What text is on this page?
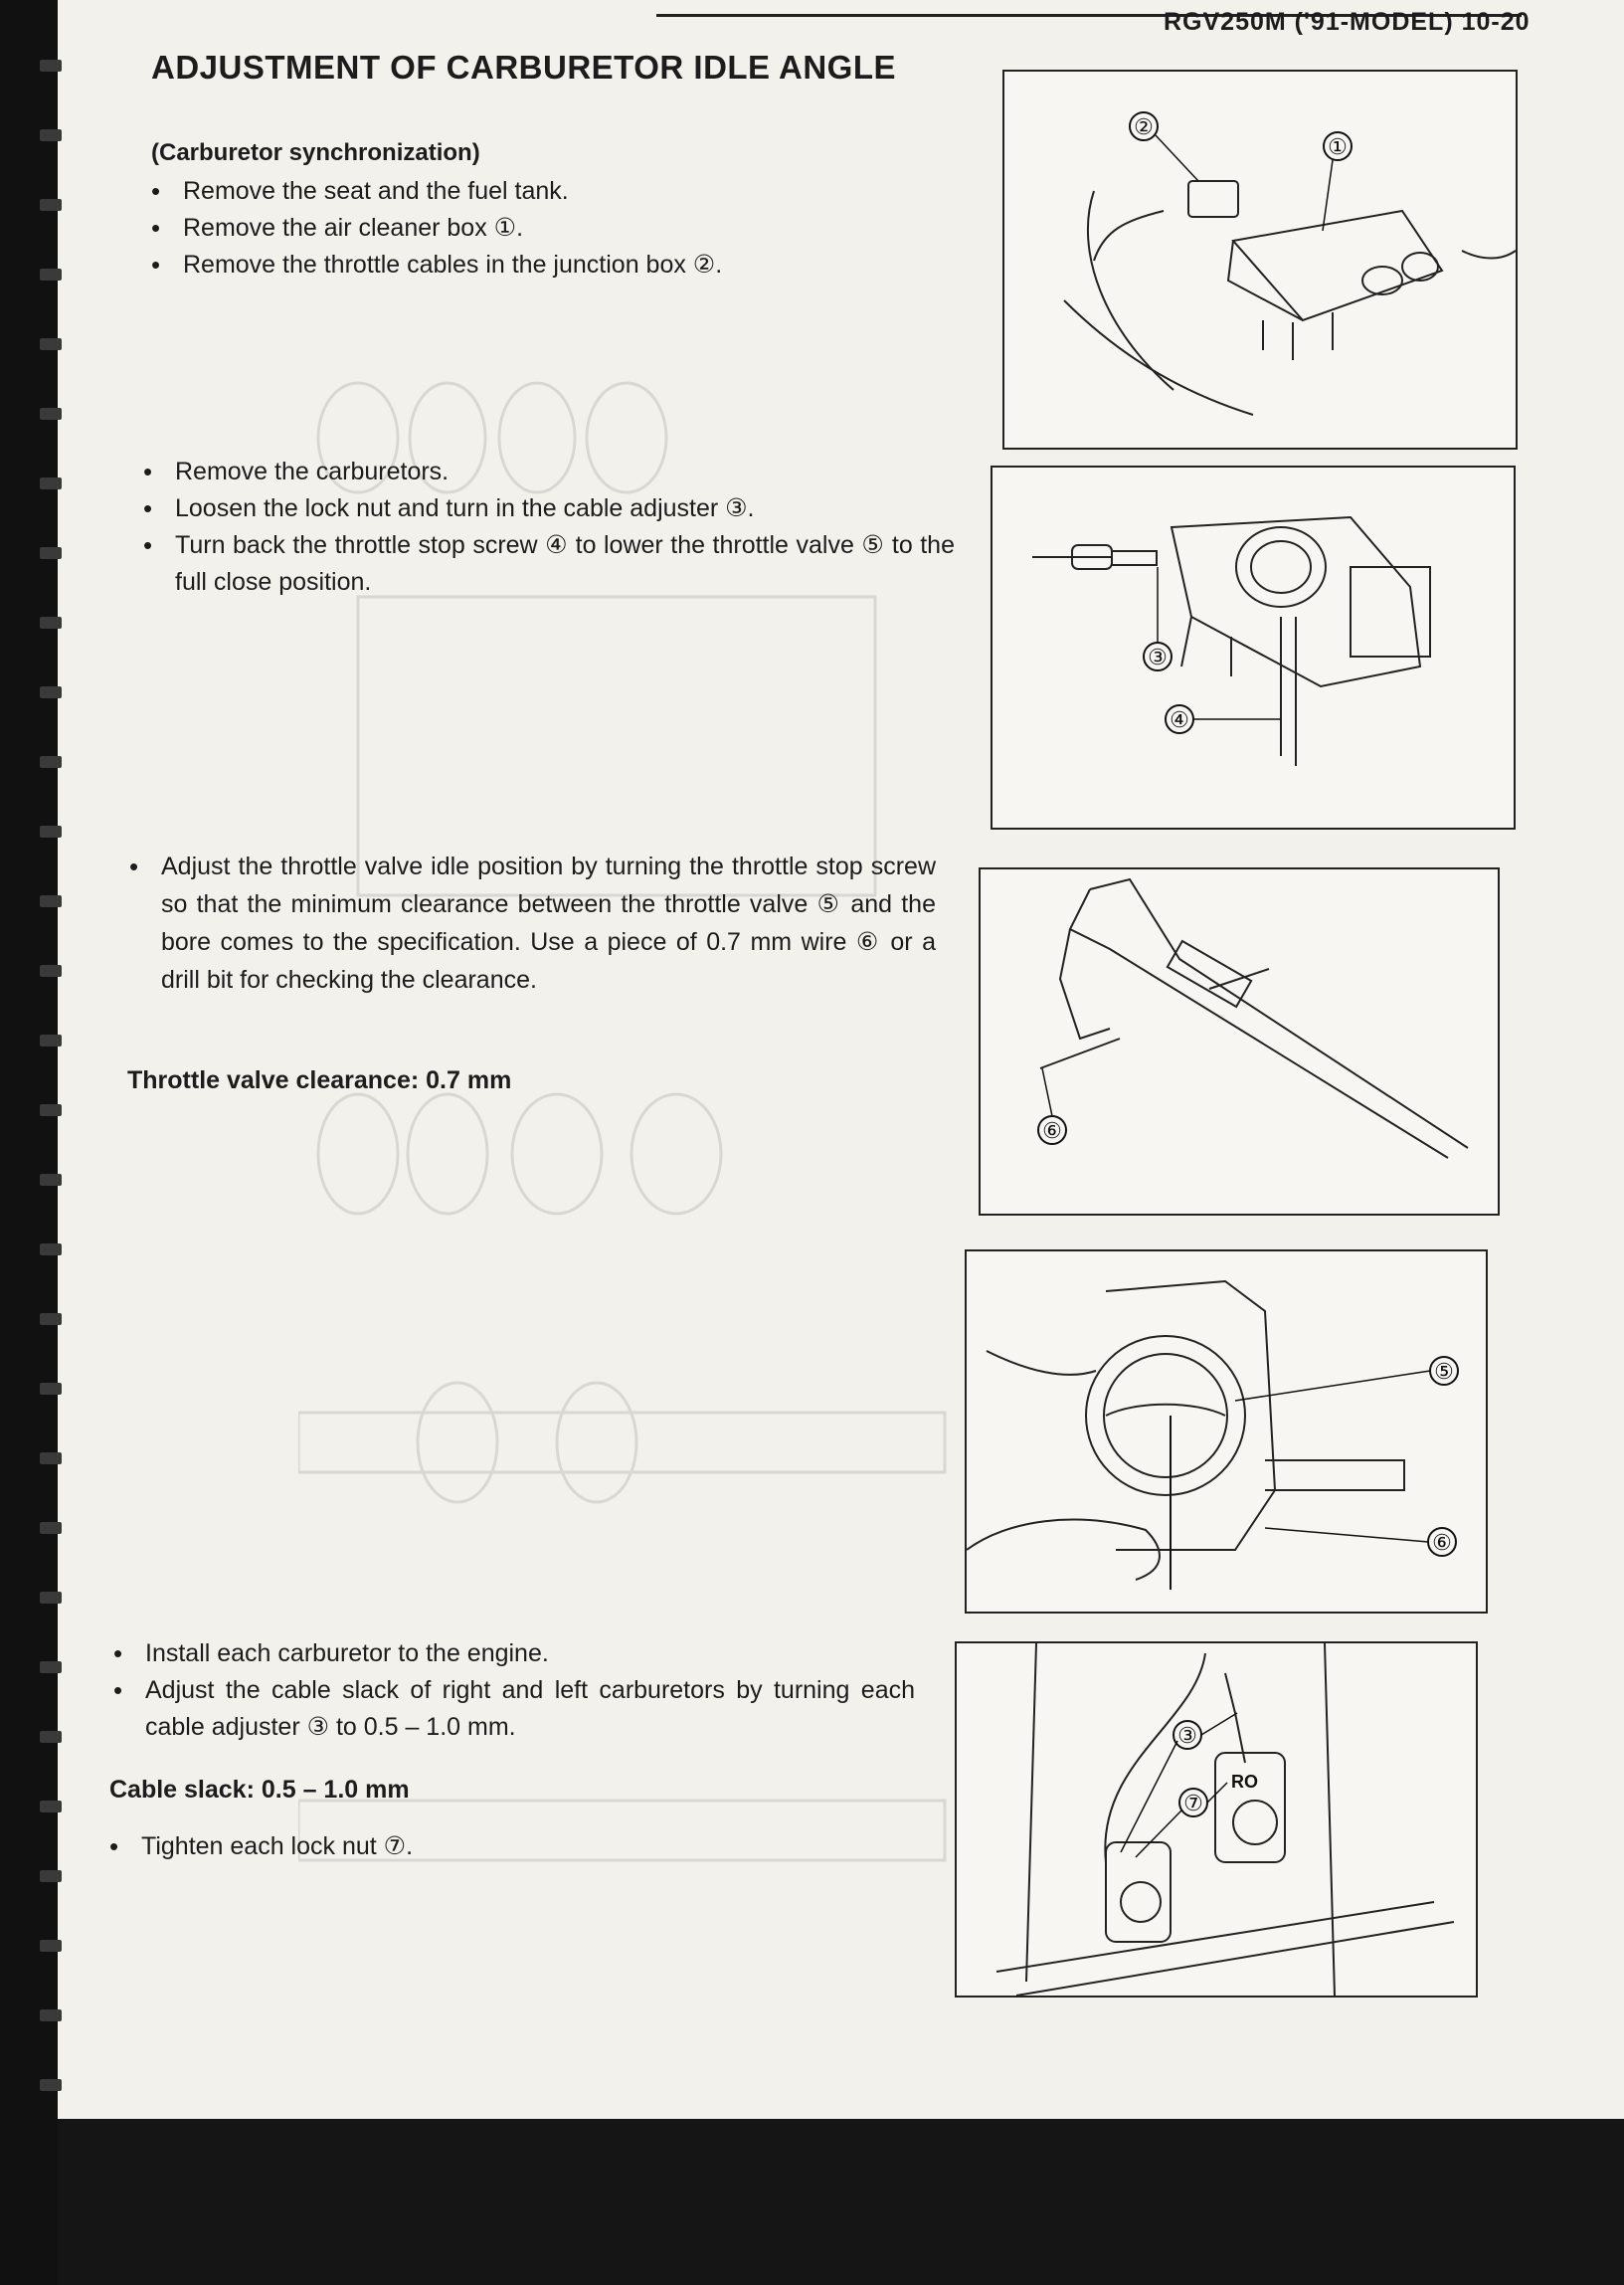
RGV250M ('91-MODEL) 10-20
ADJUSTMENT OF CARBURETOR IDLE ANGLE
(Carburetor synchronization)
• Remove the seat and the fuel tank.
• Remove the air cleaner box ①.
• Remove the throttle cables in the junction box ②.
• Remove the carburetors.
• Loosen the lock nut and turn in the cable adjuster ③.
• Turn back the throttle stop screw ④ to lower the throttle valve ⑤ to the full close position.
• Adjust the throttle valve idle position by turning the throttle stop screw so that the minimum clearance between the throttle valve ⑤ and the bore comes to the specification. Use a piece of 0.7 mm wire ⑥ or a drill bit for checking the clearance.
Throttle valve clearance: 0.7 mm
• Install each carburetor to the engine.
• Adjust the cable slack of right and left carburetors by turning each cable adjuster ③ to 0.5 – 1.0 mm.
Cable slack: 0.5 – 1.0 mm
• Tighten each lock nut ⑦.
②
①
③
④
⑥
⑤
⑥
RO
③
⑦
